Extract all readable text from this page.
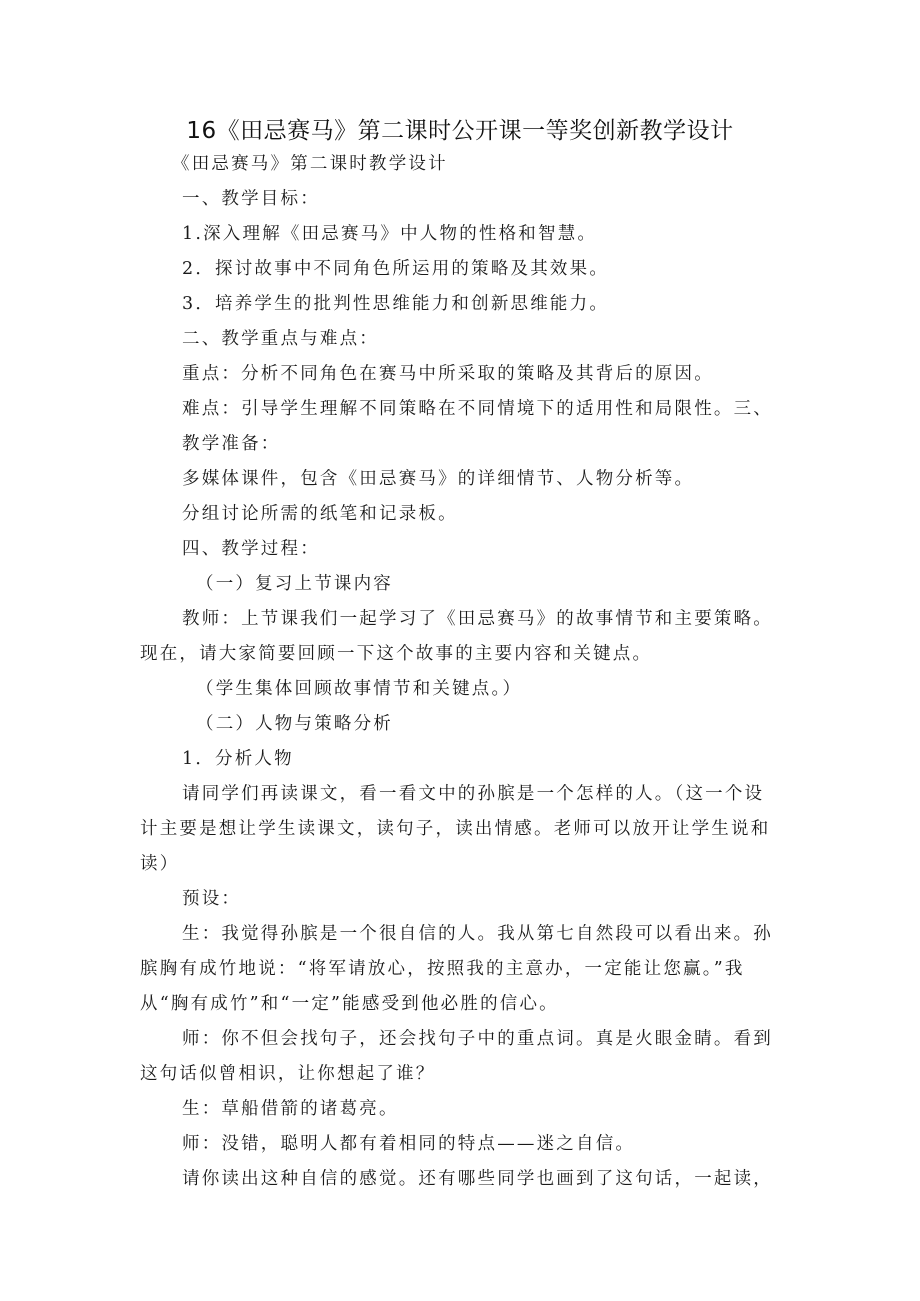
16《田忌赛马》第二课时公开课一等奖创新教学设计
《田忌赛马》第二课时教学设计
一、教学目标：
1.深入理解《田忌赛马》中人物的性格和智慧。
2．探讨故事中不同角色所运用的策略及其效果。
3．培养学生的批判性思维能力和创新思维能力。
二、教学重点与难点：
重点：分析不同角色在赛马中所采取的策略及其背后的原因。
难点：引导学生理解不同策略在不同情境下的适用性和局限性。三、
教学准备：
多媒体课件，包含《田忌赛马》的详细情节、人物分析等。
分组讨论所需的纸笔和记录板。
四、教学过程：
（一）复习上节课内容
教师：上节课我们一起学习了《田忌赛马》的故事情节和主要策略。
现在，请大家简要回顾一下这个故事的主要内容和关键点。
（学生集体回顾故事情节和关键点。）
（二）人物与策略分析
1．分析人物
请同学们再读课文，看一看文中的孙膑是一个怎样的人。（这一个设
计主要是想让学生读课文，读句子，读出情感。老师可以放开让学生说和
读）
预设：
生：我觉得孙膑是一个很自信的人。我从第七自然段可以看出来。孙
膑胸有成竹地说：“将军请放心，按照我的主意办，一定能让您赢。”我
从“胸有成竹”和“一定”能感受到他必胜的信心。
师：你不但会找句子，还会找句子中的重点词。真是火眼金睛。看到
这句话似曾相识，让你想起了谁？
生：草船借箭的诸葛亮。
师：没错，聪明人都有着相同的特点——迷之自信。
请你读出这种自信的感觉。还有哪些同学也画到了这句话，一起读，
